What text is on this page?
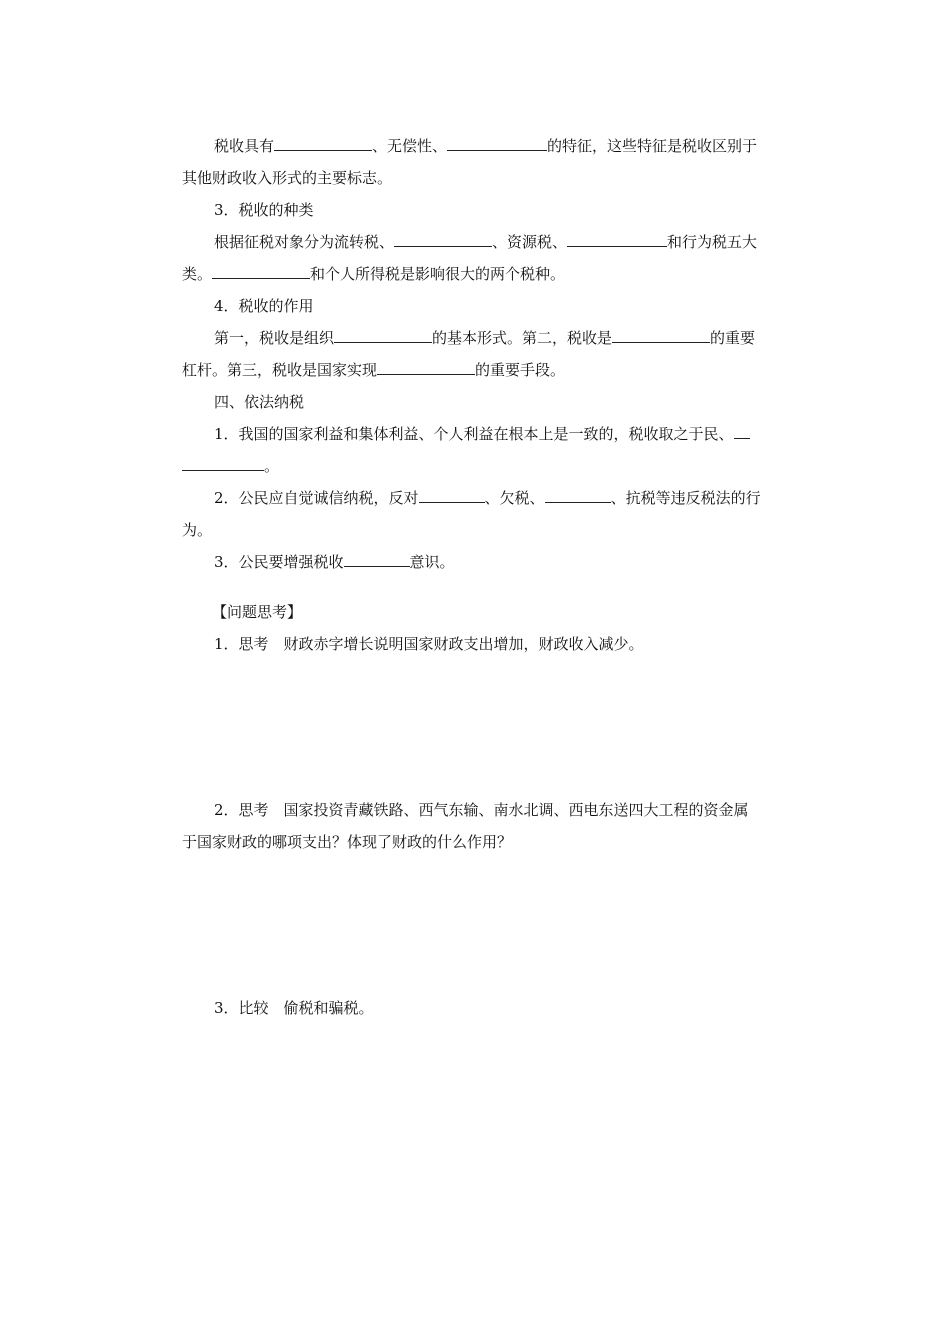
税收具有	、无偿性、	的特征，这些特征是税收区别于
其他财政收入形式的主要标志。
3．税收的种类
根据征税对象分为流转税、	、资源税、	和行为税五大
类。	和个人所得税是影响很大的两个税种。
4．税收的作用
第一，税收是组织	的基本形式。第二，税收是	的重要
杠杆。第三，税收是国家实现	的重要手段。
四、依法纳税
1．我国的国家利益和集体利益、个人利益在根本上是一致的，税收取之于民、
。
2．公民应自觉诚信纳税，反对	、欠税、	、抗税等违反税法的行
为。
3．公民要增强税收	意识。
【问题思考】
1．思考　财政赤字增长说明国家财政支出增加，财政收入减少。
2．思考　国家投资青藏铁路、西气东输、南水北调、西电东送四大工程的资金属
于国家财政的哪项支出？体现了财政的什么作用？
3．比较　偷税和骗税。
